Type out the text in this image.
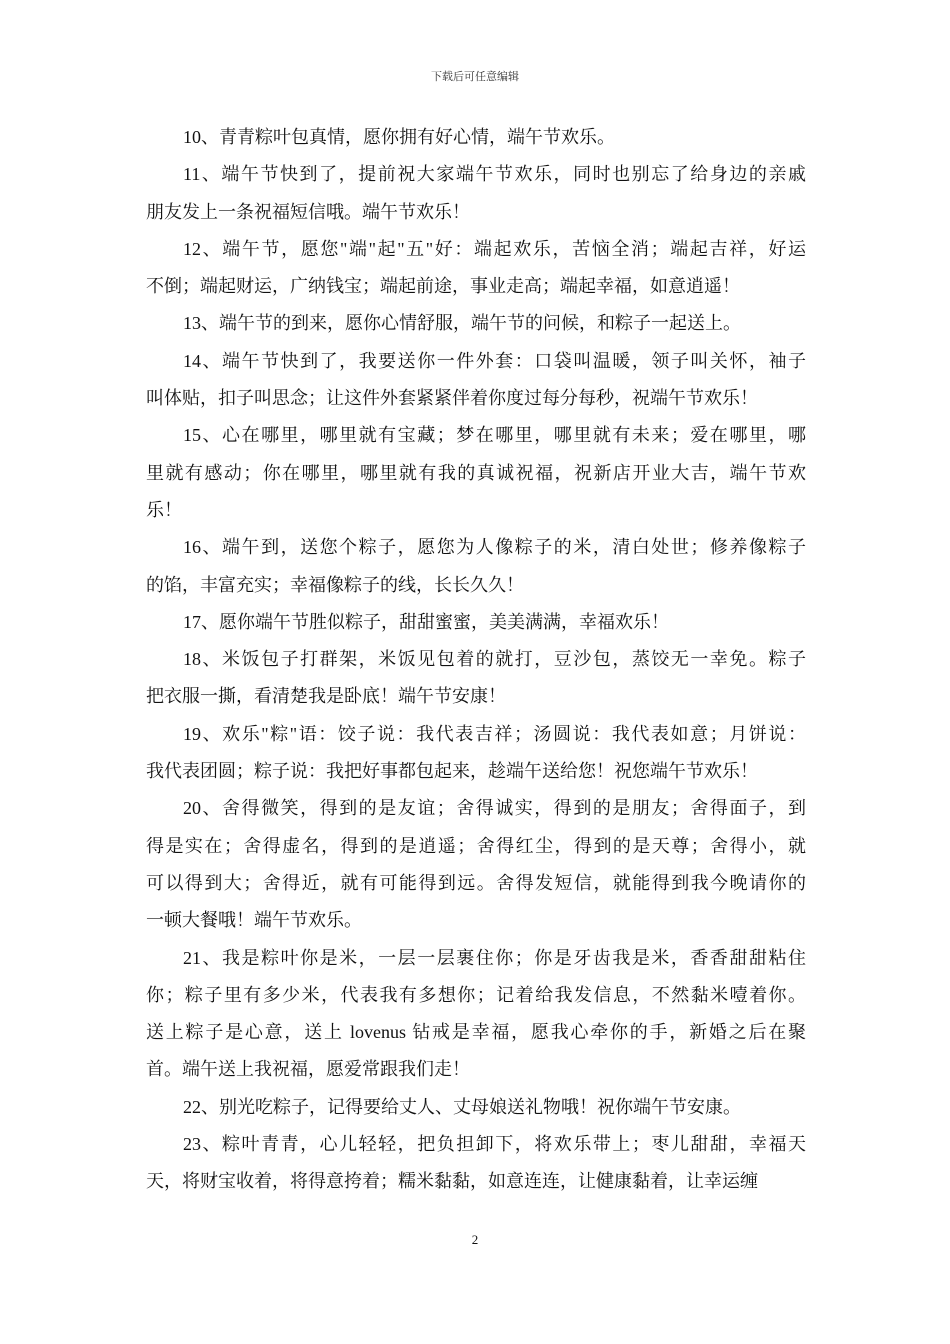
下载后可任意编辑
10、青青粽叶包真情，愿你拥有好心情，端午节欢乐。
11、端午节快到了，提前祝大家端午节欢乐，同时也别忘了给身边的亲戚
朋友发上一条祝福短信哦。端午节欢乐！
12、端午节，愿您"端"起"五"好：端起欢乐，苦恼全消；端起吉祥，好运
不倒；端起财运，广纳钱宝；端起前途，事业走高；端起幸福，如意逍遥！
13、端午节的到来，愿你心情舒服，端午节的问候，和粽子一起送上。
14、端午节快到了，我要送你一件外套：口袋叫温暖，领子叫关怀，袖子
叫体贴，扣子叫思念；让这件外套紧紧伴着你度过每分每秒，祝端午节欢乐！
15、心在哪里，哪里就有宝藏；梦在哪里，哪里就有未来；爱在哪里，哪
里就有感动；你在哪里，哪里就有我的真诚祝福，祝新店开业大吉，端午节欢
乐！
16、端午到，送您个粽子，愿您为人像粽子的米，清白处世；修养像粽子
的馅，丰富充实；幸福像粽子的线，长长久久！
17、愿你端午节胜似粽子，甜甜蜜蜜，美美满满，幸福欢乐！
18、米饭包子打群架，米饭见包着的就打，豆沙包，蒸饺无一幸免。粽子
把衣服一撕，看清楚我是卧底！端午节安康！
19、欢乐"粽"语：饺子说：我代表吉祥；汤圆说：我代表如意；月饼说：
我代表团圆；粽子说：我把好事都包起来，趁端午送给您！祝您端午节欢乐！
20、舍得微笑，得到的是友谊；舍得诚实，得到的是朋友；舍得面子，到
得是实在；舍得虚名，得到的是逍遥；舍得红尘，得到的是天尊；舍得小，就
可以得到大；舍得近，就有可能得到远。舍得发短信，就能得到我今晚请你的
一顿大餐哦！端午节欢乐。
21、我是粽叶你是米，一层一层裹住你；你是牙齿我是米，香香甜甜粘住
你；粽子里有多少米，代表我有多想你；记着给我发信息，不然黏米噎着你。
送上粽子是心意，送上 lovenus 钻戒是幸福，愿我心牵你的手，新婚之后在聚
首。端午送上我祝福，愿爱常跟我们走！
22、别光吃粽子，记得要给丈人、丈母娘送礼物哦！祝你端午节安康。
23、粽叶青青，心儿轻轻，把负担卸下，将欢乐带上；枣儿甜甜，幸福天
天，将财宝收着，将得意挎着；糯米黏黏，如意连连，让健康黏着，让幸运缠
2
